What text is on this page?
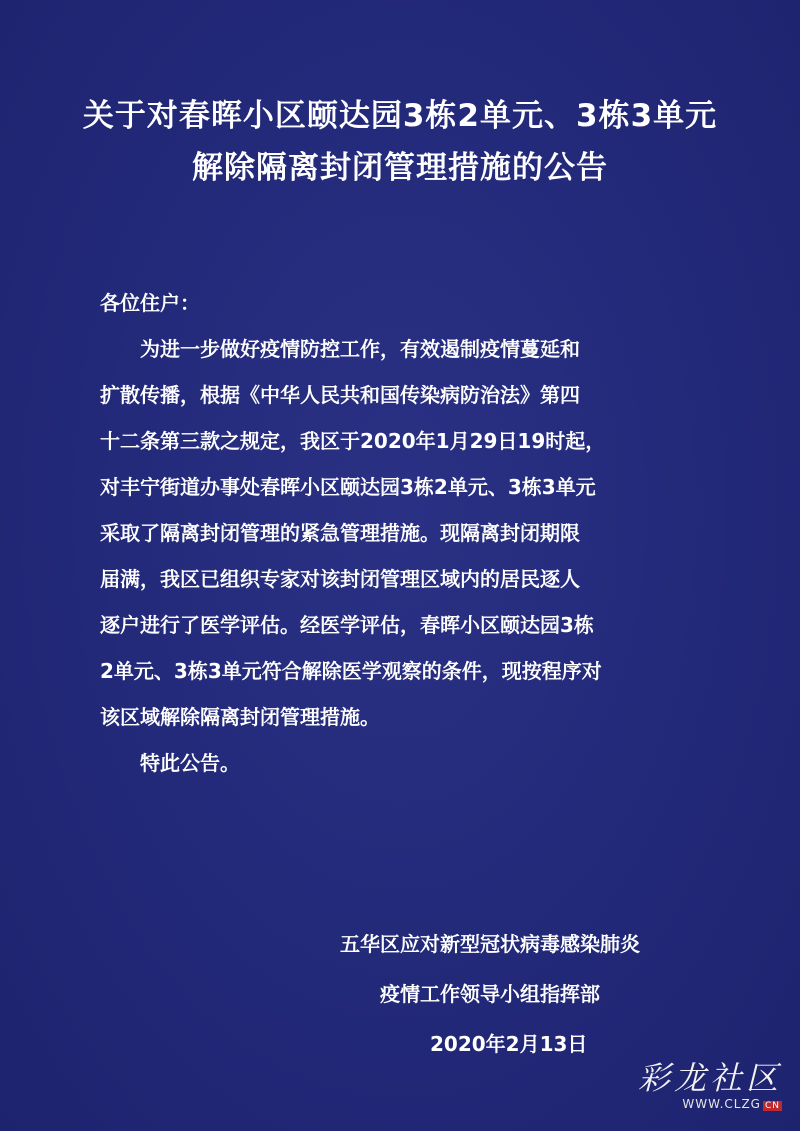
关于对春晖小区颐达园3栋2单元、3栋3单元
解除隔离封闭管理措施的公告

各位住户：

为进一步做好疫情防控工作，有效遏制疫情蔓延和
扩散传播，根据《中华人民共和国传染病防治法》第四
十二条第三款之规定，我区于2020年1月29日19时起，
对丰宁街道办事处春晖小区颐达园3栋2单元、3栋3单元
采取了隔离封闭管理的紧急管理措施。现隔离封闭期限
届满，我区已组织专家对该封闭管理区域内的居民逐人
逐户进行了医学评估。经医学评估，春晖小区颐达园3栋
2单元、3栋3单元符合解除医学观察的条件，现按程序对
该区域解除隔离封闭管理措施。

特此公告。

五华区应对新型冠状病毒感染肺炎
疫情工作领导小组指挥部
2020年2月13日
彩龙社区
WWW.CLZG CN
